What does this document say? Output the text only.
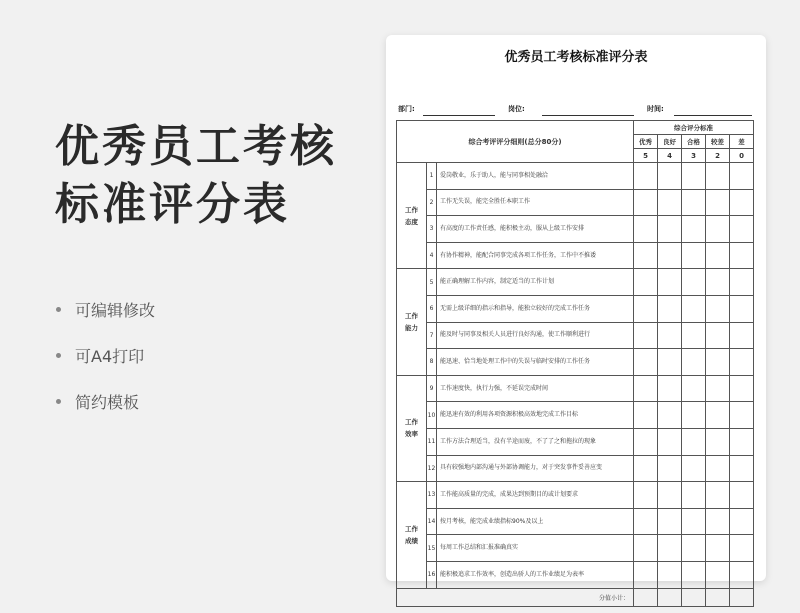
优秀员工考核
标准评分表
可编辑修改
可A4打印
简约模板
优秀员工考核标准评分表
部门:	岗位:	时间:
综合考评评分细则(总分80分)			综合评分标准				
			优秀	良好	合格	较差	差
			5	4	3	2	0

工作
态度	1	爱岗敬业，乐于助人，能与同事相处融洽					
	2	工作无失误，能完全胜任本职工作					
	3	有高度的工作责任感，能积极主动，服从上级工作安排					
	4	有协作精神，能配合同事完成各项工作任务，工作中不推诿					

工作
能力	5	能正确理解工作内容，制定适当的工作计划					
	6	无需上级详细的指示和指导，能独立较好的完成工作任务					
	7	能及时与同事及相关人员进行良好沟通，使工作顺利进行					
	8	能迅速、恰当地处理工作中的失误与临时安排的工作任务					

工作
效率	9	工作速度快，执行力强，不延误完成时间					
	10	能迅速有效的利用各项资源积极高效地完成工作目标					
	11	工作方法合理适当，没有半途而废，不了了之和拖拉的现象					
	12	具有较强地内部沟通与外部协调能力，对于突发事件妥善应变					

工作
成绩	13	工作能高质量的完成，成果达到预期目的或计划要求					
	14	按月考核，能完成业绩指标90%及以上					
	15	每周工作总结和汇报准确真实					
	16	能积极追求工作效率，创造出骄人的工作业绩足为表率					
分值小计：							
